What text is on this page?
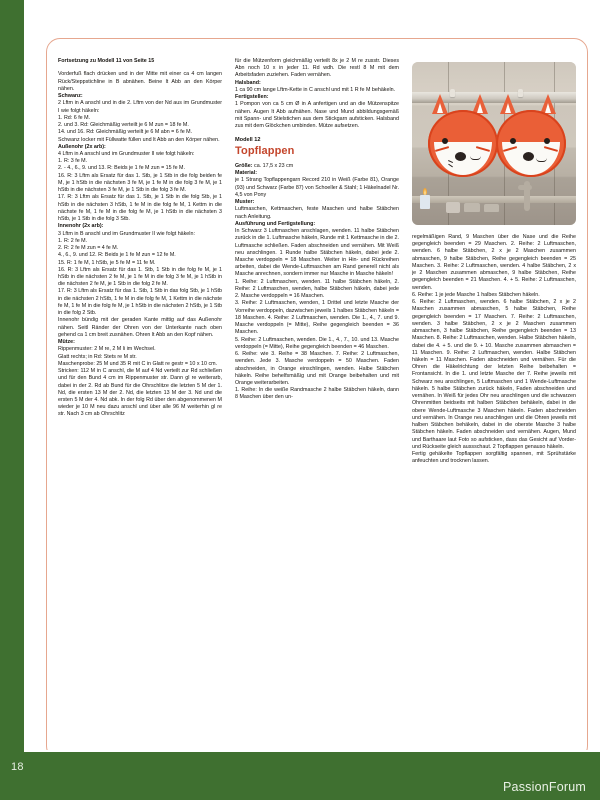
Fortsetzung zu Modell 11 von Seite 15

Vorderfuß flach drücken und in der Mitte mit einer ca 4 cm langen Rück/Steppstichline in B abnähen. Beine lt Abb an den Körper nähen.

Schwanz:

2 Lftm in A anschl und in die 2. Lftm von der Nd aus im Grundmuster I wie folgt häkeln:

1. Rd: 6 fe M.

2. und 3. Rd: Gleichmäßig verteilt je 6 M zun = 18 fe M.

14. und 16. Rd: Gleichmäßig verteilt je 6 M abn = 6 fe M.

Schwanz locker mit Füllwatte füllen und lt Abb an den Körper nähen.

Außenohr (2x arb):

4 Lftm in A anschl und im Grundmuster II wie folgt häkeln:

1. R: 3 fe M.

2. - 4., 6., 9. und 13. R: Beids je 1 fe M zun = 15 fe M.

16. R: 3 Lftm als Ersatz für das 1. Stb, je 1 Stb in die folg beiden fe M, je 1 hStb in die nächsten 3 fe M, je 1 fe M in die folg 3 fe M, je 1 hStb in die nächsten 3 fe M, je 1 Stb in die folg 3 fe M.

17. R: 3 Lftm als Ersatz für das 1. Stb, je 1 Stb in die folg Stb, je 1 hStb in die nächsten 3 hStb, 1 fe M in die folg fe M, 1 Kettm in die nächste fe M, 1 fe M in die folg fe M, je 1 hStb in die nächsten 3 hStb, je 1 Stb in die folg 3 Stb.

Innenohr (2x arb):

3 Lftm in B anschl und im Grundmuster II wie folgt häkeln:

1. R: 2 fe M.

2. R: 2 fe M zun = 4 fe M.

4., 6., 9. und 12. R: Beids je 1 fe M zun = 12 fe M.

15. R: 1 fe M, 1 hStb, je 5 fe M = 11 fe M.

16. R: 3 Lftm als Ersatz für das 1. Stb, 1 Stb in die folg fe M, je 1 hStb in die nächsten 2 fe M, je 1 fe M in die folg 3 fe M, je 1 hStb in die nächsten 2 fe M, je 1 Stb in die folg 2 fe M.

17. R: 3 Lftm als Ersatz für das 1. Stb, 1 Stb in das folg Stb, je 1 hStb in die nächsten 2 hStb, 1 fe M in die folg fe M, 1 Kettm in die nächste fe M, 1 fe M in die folg fe M, je 1 hStb in die nächsten 2 hStb, je 1 Stb in die folg 2 Stb.

Innenohr bündig mit der geraden Kante mittig auf das Außenohr nähen. Seitl Ränder der Ohren von der Unterkante nach oben gehend ca 1 cm breit zusnähen. Ohren lt Abb an den Kopf nähen.

Mütze:

Rippenmuster: 2 M re, 2 M li im Wechsel.

Glatt rechts; in Rd: Stets re M str.

Maschenprobe: 25 M und 35 R mit C in Glatt re gestr = 10 x 10 cm.

Stricken: 112 M in C anschl, die M auf 4 Nd verteilt zur Rd schließen und für den Bund 4 cm im Rippenmuster str. Dann gl re weiterarb, dabei in der 2. Rd ab Bund für die Ohrschlitze die letzten 5 M der 1. Nd, die ersten 13 M der 2. Nd, die letzten 13 M der 3. Nd und die ersten 5 M der 4. Nd abk. In der folg Rd über den abgenommenen M wieder je 10 M neu dazu anschl und über alle 96 M weiterhin gl re str. Nach 3 cm ab Ohrschlitz

für die Mützenform gleichmäßig verteilt 8x je 2 M re zusstr. Dieses Abn noch 10 x in jeder 11. Rd wdh. Die restl 8 M mit dem Arbeitsfaden zuziehen. Faden vernähen.

Halsband:

1 ca 90 cm lange Lftm-Kette in C anschl und mit 1 R fe M behäkeln.

Fertigstellen:

1 Pompon von ca 5 cm Ø in A anfertigen und an die Mützenspitze nähen. Augen lt Abb aufnähen. Nase und Mund abbildungsgemäß mit Spann- und Stielstichen aus dem Stickgarn aufsticken. Halsband zus mit dem Glöckchen umbinden. Mütze aufsetzen.

Modell 12

Topflappen

Größe: ca. 17,5 x 23 cm

Material:

je 1 Strang Topflappengarn Record 210 in Weiß (Farbe 81), Orange (93) und Schwarz (Farbe 87) von Schoeller & Stahl; 1 Häkelnadel Nr. 4,5 von Pony

Muster:

Luftmaschen, Kettmaschen, feste Maschen und halbe Stäbchen nach Anleitung.

Ausführung und Fertigstellung:

In Schwarz 3 Luftmaschen anschlagen, wenden. 11 halbe Stäbchen zurück in die 1. Luftmasche häkeln, Runde mit 1 Kettmasche in die 2. Luftmasche schließen. Faden abschneiden und vernähen. Mit Weiß neu anschlingen. 1 Runde halbe Stäbchen häkeln, dabei jede 2. Masche verdoppeln = 18 Maschen. Weiter in Hin- und Rückreihen arbeiten, dabei die Wende-Luftmaschen am Rand generell nicht als Masche anrechnen, sondern immer nur Masche in Masche häkeln!

1. Reihe: 2 Luftmaschen, wenden. 11 halbe Stäbchen häkeln, 2. Reihe: 2 Luftmaschen, wenden, halbe Stäbchen häkeln, dabei jede 2. Masche verdoppeln = 16 Maschen.

3. Reihe: 2 Luftmaschen, wenden, 1 Drittel und letzte Masche der Vorreihe verdoppeln, dazwischen jeweils 1 halbes Stäbchen häkeln = 18 Maschen. 4. Reihe: 2 Luftmaschen, wenden. Die 1., 4., 7. und 9. Masche verdoppeln (= Mitte), Reihe gegengleich beenden = 36 Maschen.

5. Reihe: 2 Luftmaschen, wenden. Die 1., 4., 7., 10. und 13. Masche verdoppeln (= Mitte), Reihe gegengleich beenden = 46 Maschen.

6. Reihe: wie 3. Reihe = 38 Maschen. 7. Reihe: 2 Luftmaschen, wenden. Jede 3. Masche verdoppeln = 50 Maschen. Faden abschneiden, in Orange einschlingen, wenden. Halbe Stäbchen häkeln. Reihe behelfsmäßig und mit Orange beibehalten und mit Orange weiterarbeiten.

1. Reihe: In die weiße Randmasche 2 halbe Stäbchen häkeln, dann 8 Maschen über den un-

regelmäßigen Rand, 9 Maschen über die Nase und die Reihe gegengleich beenden = 29 Maschen. 2. Reihe: 2 Luftmaschen, wenden. 6 halbe Stäbchen, 2 x je 2 Maschen zusammen abmaschen, 9 halbe Stäbchen, Reihe gegengleich beenden = 25 Maschen. 3. Reihe: 2 Luftmaschen, wenden. 4 halbe Stäbchen, 2 x je 2 Maschen zusammen abmaschen, 9 halbe Stäbchen, Reihe gegengleich beenden = 21 Maschen. 4. + 5. Reihe: 2 Luftmaschen, wenden.

6. Reihe: 1 je jede Masche 1 halbes Stäbchen häkeln.

6. Reihe: 2 Luftmaschen, wenden. 6 halbe Stäbchen, 2 x je 2 Maschen zusammen abmaschen, 5 halbe Stäbchen, Reihe gegengleich beenden = 17 Maschen. 7. Reihe: 2 Luftmaschen, wenden. 3 halbe Stäbchen, 2 x je 2 Maschen zusammen abmaschen, 3 halbe Stäbchen, Reihe gegengleich beenden = 13 Maschen. 8. Reihe: 2 Luftmaschen, wenden. Halbe Stäbchen häkeln, dabei die 4. + 5. und die 9. + 10. Masche zusammen abmaschen = 11 Maschen. 9. Reihe: 2 Luftmaschen, wenden. Halbe Stäbchen häkeln = 11 Maschen. Faden abschneiden und vernähen. Für die Ohren die Häkelrichtung der letzten Reihe beibehalten = Frontansicht. In die 1. und letzte Masche der 7. Reihe jeweils mit Schwarz neu anschlingen, 5 Luftmaschen und 1 Wende-Luftmasche häkeln. 5 halbe Stäbchen zurück häkeln, Faden abschneiden und vernähen. In Weiß für jedes Ohr neu anschlingen und die schwarzen Ohrenmitten beidseits mit halben Stäbchen behäkeln, dabei in die obere Wende-Luftmasche 3 Maschen häkeln. Faden abschneiden und vernähen. In Orange neu anschlingen und die Ohren jeweils mit halben Stäbchen behäkeln, dabei in die oberste Masche 3 halbe Stäbchen häkeln. Faden abschneiden und vernähen. Augen, Mund und Barthaare laut Foto so aufsticken, dass das Gesicht auf Vorder- und Rückseite gleich aussschaut. 2 Topflappen genauso häkeln.

Fertig gehäkelte Topflappen sorgfältig spannen, mit Sprühstärke anfeuchten und trocknen lassen.

18
PassionForum
